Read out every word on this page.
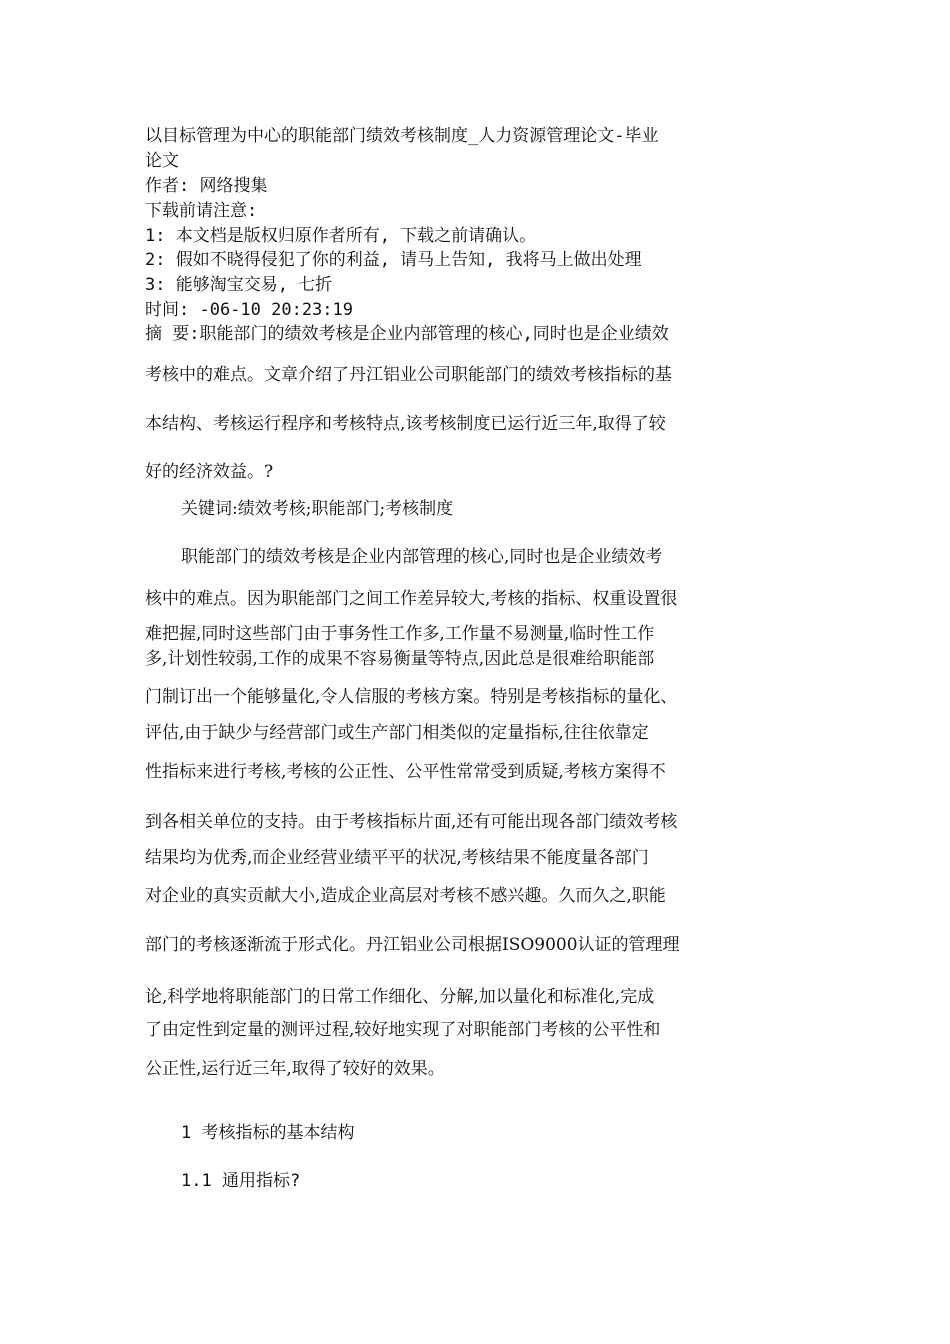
以目标管理为中心的职能部门绩效考核制度_人力资源管理论文-毕业
论文
作者: 网络搜集
下载前请注意:
1: 本文档是版权归原作者所有, 下载之前请确认。
2: 假如不晓得侵犯了你的利益, 请马上告知, 我将马上做出处理
3: 能够淘宝交易, 七折
时间: -06-10 20:23:19
摘 要:职能部门的绩效考核是企业内部管理的核心,同时也是企业绩效
考核中的难点。文章介绍了丹江铝业公司职能部门的绩效考核指标的基
本结构、考核运行程序和考核特点,该考核制度已运行近三年,取得了较
好的经济效益。?
关键词:绩效考核;职能部门;考核制度
职能部门的绩效考核是企业内部管理的核心,同时也是企业绩效考
核中的难点。因为职能部门之间工作差异较大,考核的指标、权重设置很
难把握,同时这些部门由于事务性工作多,工作量不易测量,临时性工作
多,计划性较弱,工作的成果不容易衡量等特点,因此总是很难给职能部
门制订出一个能够量化,令人信服的考核方案。特别是考核指标的量化、
评估,由于缺少与经营部门或生产部门相类似的定量指标,往往依靠定
性指标来进行考核,考核的公正性、公平性常常受到质疑,考核方案得不
到各相关单位的支持。由于考核指标片面,还有可能出现各部门绩效考核
结果均为优秀,而企业经营业绩平平的状况,考核结果不能度量各部门
对企业的真实贡献大小,造成企业高层对考核不感兴趣。久而久之,职能
部门的考核逐渐流于形式化。丹江铝业公司根据ISO9000认证的管理理
论,科学地将职能部门的日常工作细化、分解,加以量化和标准化,完成
了由定性到定量的测评过程,较好地实现了对职能部门考核的公平性和
公正性,运行近三年,取得了较好的效果。
1 考核指标的基本结构
1.1 通用指标?
